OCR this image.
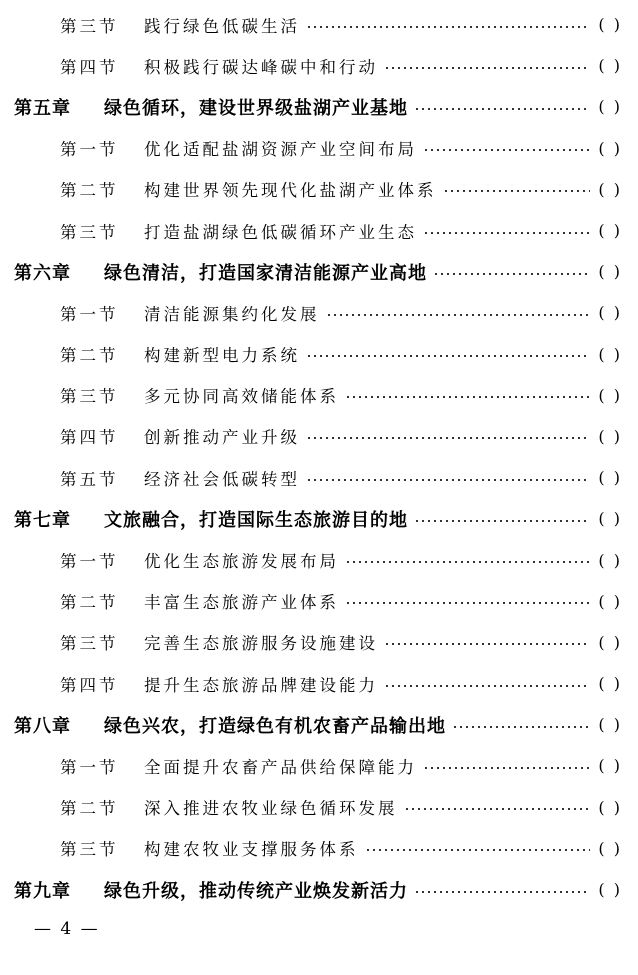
第三节	践行绿色低碳生活	( )
第四节	积极践行碳达峰碳中和行动	( )
第五章	绿色循环，建设世界级盐湖产业基地	( )
第一节	优化适配盐湖资源产业空间布局	( )
第二节	构建世界领先现代化盐湖产业体系	( )
第三节	打造盐湖绿色低碳循环产业生态	( )
第六章	绿色清洁，打造国家清洁能源产业高地	( )
第一节	清洁能源集约化发展	( )
第二节	构建新型电力系统	( )
第三节	多元协同高效储能体系	( )
第四节	创新推动产业升级	( )
第五节	经济社会低碳转型	( )
第七章	文旅融合，打造国际生态旅游目的地	( )
第一节	优化生态旅游发展布局	( )
第二节	丰富生态旅游产业体系	( )
第三节	完善生态旅游服务设施建设	( )
第四节	提升生态旅游品牌建设能力	( )
第八章	绿色兴农，打造绿色有机农畜产品输出地	( )
第一节	全面提升农畜产品供给保障能力	( )
第二节	深入推进农牧业绿色循环发展	( )
第三节	构建农牧业支撑服务体系	( )
第九章	绿色升级，推动传统产业焕发新活力	( )
— 4 —
